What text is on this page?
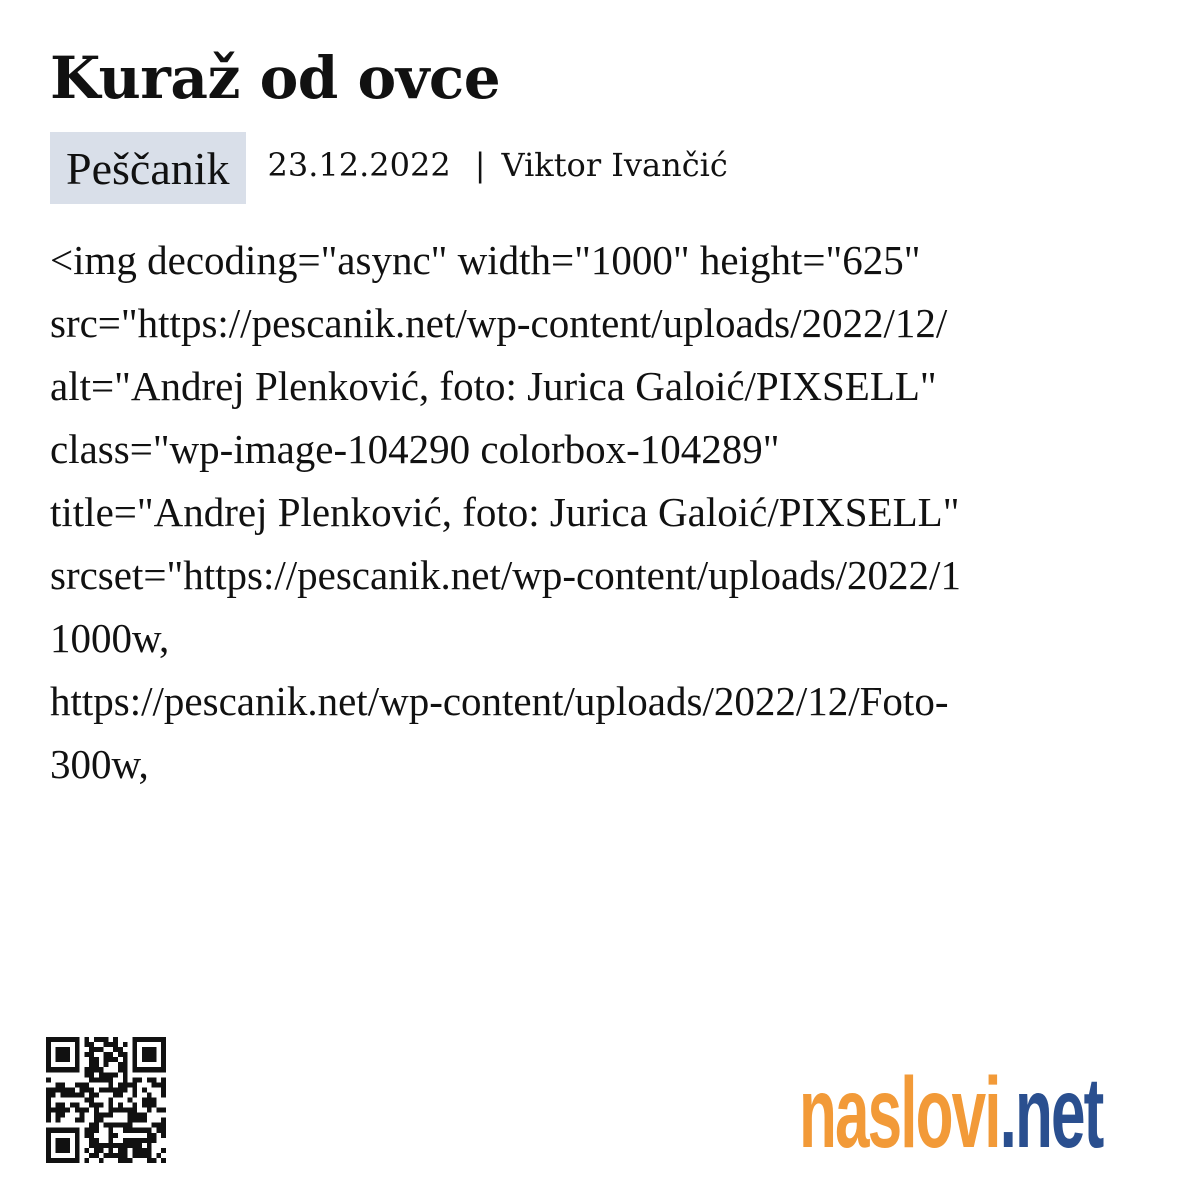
Kuraž od ovce
Peščanik	23.12.2022 | Viktor Ivančić
<img decoding="async" width="1000" height="625"
src="https://pescanik.net/wp-content/uploads/2022/12/
alt="Andrej Plenković, foto: Jurica Galoić/PIXSELL"
class="wp-image-104290 colorbox-104289"
title="Andrej Plenković, foto: Jurica Galoić/PIXSELL"
srcset="https://pescanik.net/wp-content/uploads/2022/1
1000w,
https://pescanik.net/wp-content/uploads/2022/12/Foto-
300w,
naslovi.net
